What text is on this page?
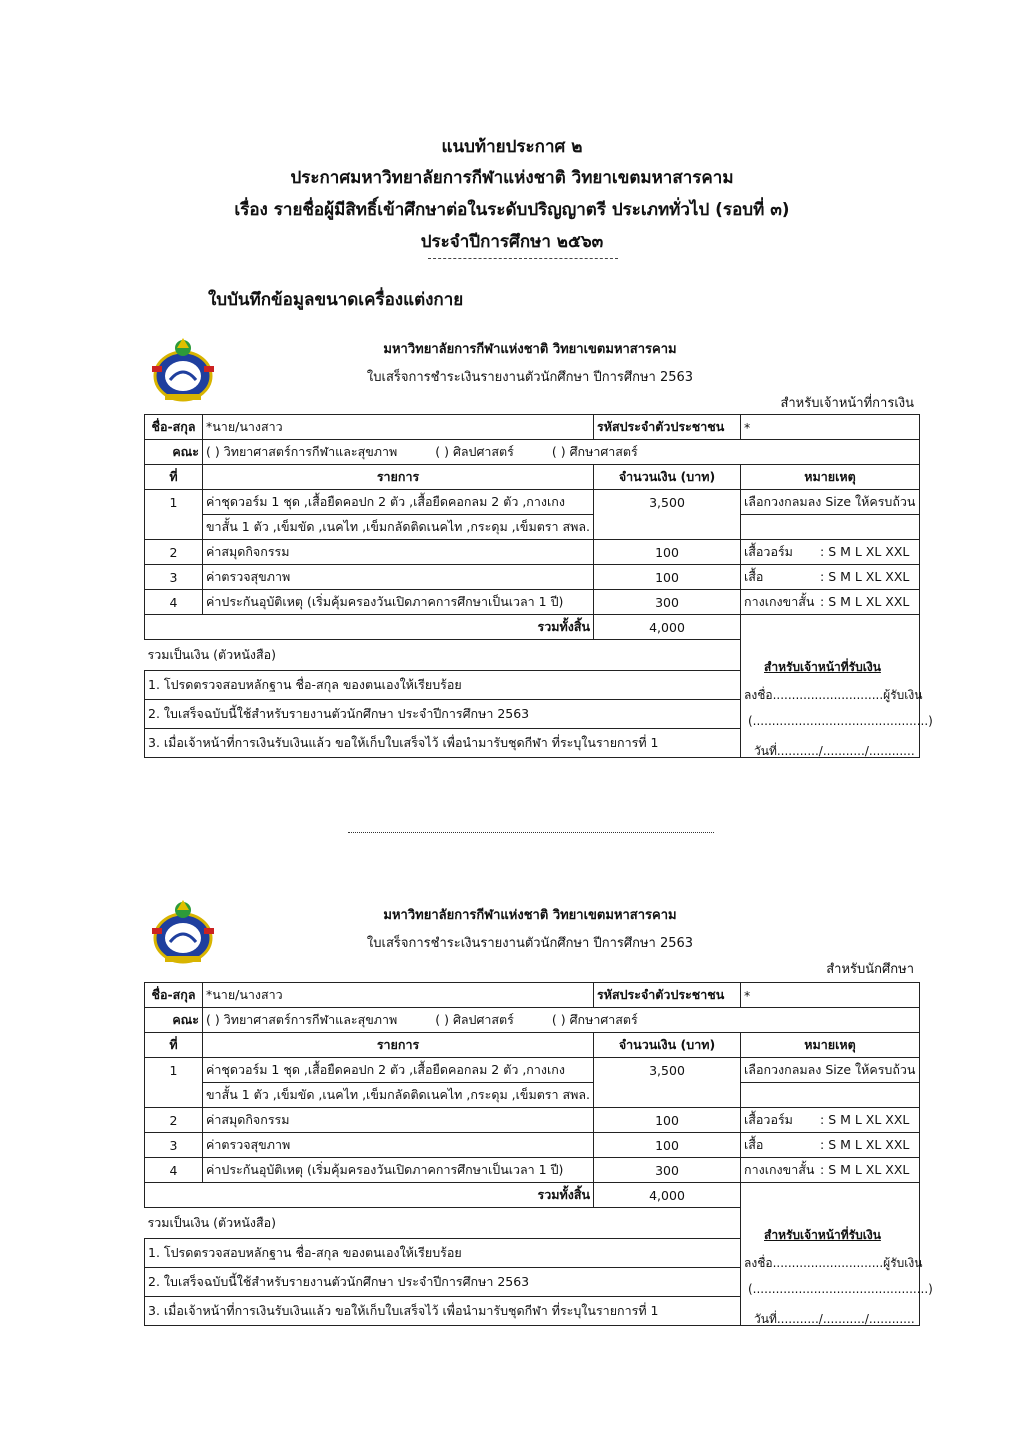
แนบท้ายประกาศ ๒
ประกาศมหาวิทยาลัยการกีฬาแห่งชาติ วิทยาเขตมหาสารคาม
เรื่อง รายชื่อผู้มีสิทธิ์เข้าศึกษาต่อในระดับปริญญาตรี ประเภททั่วไป (รอบที่ ๓)
ประจำปีการศึกษา ๒๕๖๓
ใบบันทึกข้อมูลขนาดเครื่องแต่งกาย
มหาวิทยาลัยการกีฬาแห่งชาติ วิทยาเขตมหาสารคาม
ใบเสร็จการชำระเงินรายงานตัวนักศึกษา ปีการศึกษา 2563
สำหรับเจ้าหน้าที่การเงิน
ชื่อ-สกุล	*นาย/นางสาว	รหัสประจำตัวประชาชน	*
คณะ	( ) วิทยาศาสตร์การกีฬาและสุขภาพ ( ) ศิลปศาสตร์ ( ) ศึกษาศาสตร์		
ที่	รายการ	จำนวนเงิน (บาท)	หมายเหตุ
1	ค่าชุดวอร์ม 1 ชุด ,เสื้อยืดคอปก 2 ตัว ,เสื้อยืดคอกลม 2 ตัว ,กางเกง	3,500	เลือกวงกลมลง Size ให้ครบถ้วน
	ขาสั้น 1 ตัว ,เข็มขัด ,เนคไท ,เข็มกลัดติดเนคไท ,กระดุม ,เข็มตรา สพล.		
2	ค่าสมุดกิจกรรม	100	เสื้อวอร์ม : S M L XL XXL
3	ค่าตรวจสุขภาพ	100	เสื้อ : S M L XL XXL
4	ค่าประกันอุบัติเหตุ (เริ่มคุ้มครองวันเปิดภาคการศึกษาเป็นเวลา 1 ปี)	300	กางเกงขาสั้น : S M L XL XXL
รวมทั้งสิ้น		4,000	
รวมเป็นเงิน (ตัวหนังสือ)			
1. โปรดตรวจสอบหลักฐาน ชื่อ-สกุล ของตนเองให้เรียบร้อย			
2. ใบเสร็จฉบับนี้ใช้สำหรับรายงานตัวนักศึกษา ประจำปีการศึกษา 2563			
3. เมื่อเจ้าหน้าที่การเงินรับเงินแล้ว ขอให้เก็บใบเสร็จไว้ เพื่อนำมารับชุดกีฬา ที่ระบุในรายการที่ 1			
สำหรับเจ้าหน้าที่รับเงิน
ลงชื่อ.............................ผู้รับเงิน
(..............................................)
วันที่.........../.........../............
มหาวิทยาลัยการกีฬาแห่งชาติ วิทยาเขตมหาสารคาม
ใบเสร็จการชำระเงินรายงานตัวนักศึกษา ปีการศึกษา 2563
สำหรับนักศึกษา
ชื่อ-สกุล	*นาย/นางสาว	รหัสประจำตัวประชาชน	*
คณะ	( ) วิทยาศาสตร์การกีฬาและสุขภาพ ( ) ศิลปศาสตร์ ( ) ศึกษาศาสตร์		
ที่	รายการ	จำนวนเงิน (บาท)	หมายเหตุ
1	ค่าชุดวอร์ม 1 ชุด ,เสื้อยืดคอปก 2 ตัว ,เสื้อยืดคอกลม 2 ตัว ,กางเกง	3,500	เลือกวงกลมลง Size ให้ครบถ้วน
	ขาสั้น 1 ตัว ,เข็มขัด ,เนคไท ,เข็มกลัดติดเนคไท ,กระดุม ,เข็มตรา สพล.		
2	ค่าสมุดกิจกรรม	100	เสื้อวอร์ม : S M L XL XXL
3	ค่าตรวจสุขภาพ	100	เสื้อ : S M L XL XXL
4	ค่าประกันอุบัติเหตุ (เริ่มคุ้มครองวันเปิดภาคการศึกษาเป็นเวลา 1 ปี)	300	กางเกงขาสั้น : S M L XL XXL
รวมทั้งสิ้น		4,000	
รวมเป็นเงิน (ตัวหนังสือ)			
1. โปรดตรวจสอบหลักฐาน ชื่อ-สกุล ของตนเองให้เรียบร้อย			
2. ใบเสร็จฉบับนี้ใช้สำหรับรายงานตัวนักศึกษา ประจำปีการศึกษา 2563			
3. เมื่อเจ้าหน้าที่การเงินรับเงินแล้ว ขอให้เก็บใบเสร็จไว้ เพื่อนำมารับชุดกีฬา ที่ระบุในรายการที่ 1			
สำหรับเจ้าหน้าที่รับเงิน
ลงชื่อ.............................ผู้รับเงิน
(..............................................)
วันที่.........../.........../............
